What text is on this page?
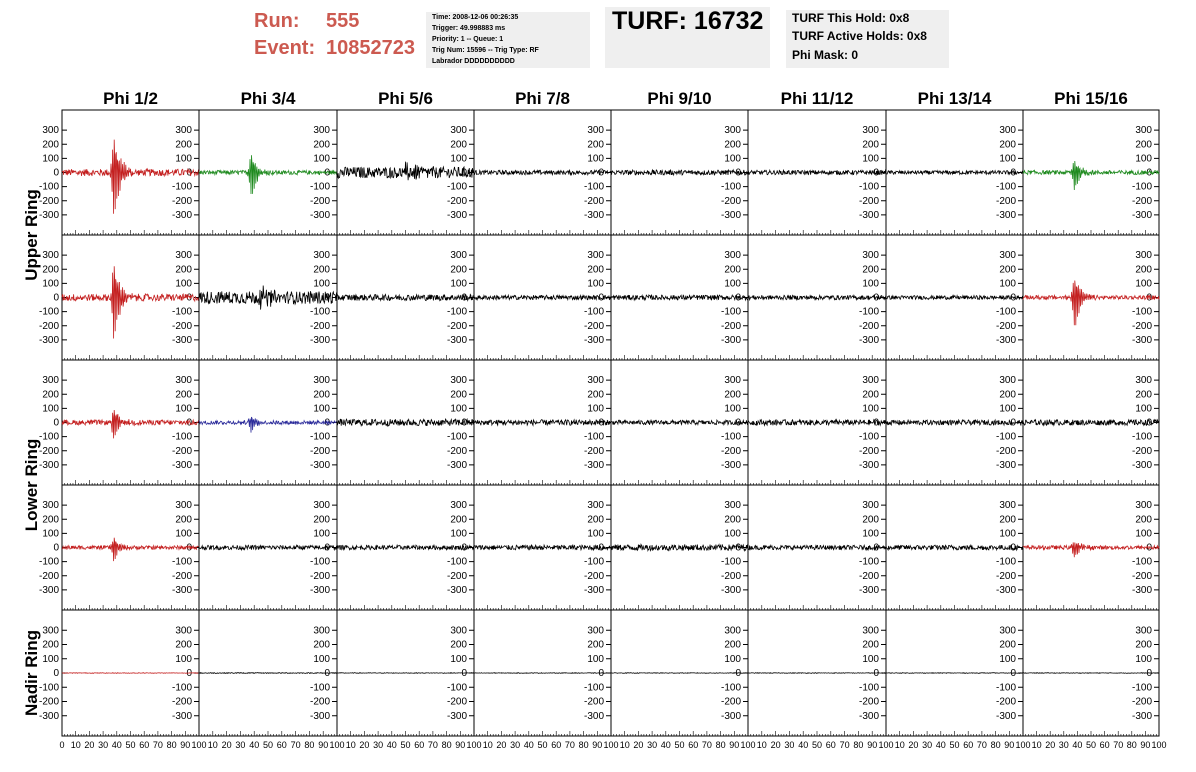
Run: 555
Event: 10852723
Time: 2008-12-06 00:26:35
Trigger: 49.998883 ms
Priority: 1 -- Queue: 1
Trig Num: 15596 -- Trig Type: RF
Labrador DDDDDDDDDD
TURF: 16732 TURF This Hold: 0x8
TURF Active Holds: 0x8
Phi Mask: 0
Phi 1/2	Phi 3/4	Phi 5/6	Phi 7/8	Phi 9/10	Phi 11/12	Phi 13/14	Phi 15/16
Upper Ring
Lower Ring
Nadir Ring
300
300
200
200
100
100
0
0
-100
-100
-200
-200
-300
-300
300
200
100
0
-100
-200
-300
300
200
100
0
-100
-200
-300
300
200
100
0
-100
-200
-300
300
200
100
0
-100
-200
-300
300
200
100
0
-100
-200
-300
300
200
100
0
-100
-200
-300
300
200
100
0
-100
-200
-300
300
300
200
200
100
100
0
0
-100
-100
-200
-200
-300
-300
300
200
100
0
-100
-200
-300
300
200
100
0
-100
-200
-300
300
200
100
0
-100
-200
-300
300
200
100
0
-100
-200
-300
300
200
100
0
-100
-200
-300
300
200
100
0
-100
-200
-300
300
200
100
0
-100
-200
-300
300
300
200
200
100
100
0
0
-100
-100
-200
-200
-300
-300
300
200
100
0
-100
-200
-300
300
200
100
0
-100
-200
-300
300
200
100
0
-100
-200
-300
300
200
100
0
-100
-200
-300
300
200
100
0
-100
-200
-300
300
200
100
0
-100
-200
-300
300
200
100
0
-100
-200
-300
300
300
200
200
100
100
0
0
-100
-100
-200
-200
-300
-300
300
200
100
0
-100
-200
-300
300
200
100
0
-100
-200
-300
300
200
100
0
-100
-200
-300
300
200
100
0
-100
-200
-300
300
200
100
0
-100
-200
-300
300
200
100
0
-100
-200
-300
300
200
100
0
-100
-200
-300
300
300
200
200
100
100
0
0
-100
-100
-200
-200
-300
-300
300
200
100
0
-100
-200
-300
300
200
100
0
-100
-200
-300
300
200
100
0
-100
-200
-300
300
200
100
0
-100
-200
-300
300
200
100
0
-100
-200
-300
300
200
100
0
-100
-200
-300
300
200
100
0
-100
-200
-300
0 10 20 30 40 50 60 70 80 90 100 10 20 30 40 50 60 70 80 90 100 10 20 30 40 50 60 70 80 90 100 10 20 30 40 50 60 70 80 90 100 10 20 30 40 50 60 70 80 90 100 10 20 30 40 50 60 70 80 90 100 10 20 30 40 50 60 70 80 90 100 10 20 30 40 50 60 70 80 90 100
